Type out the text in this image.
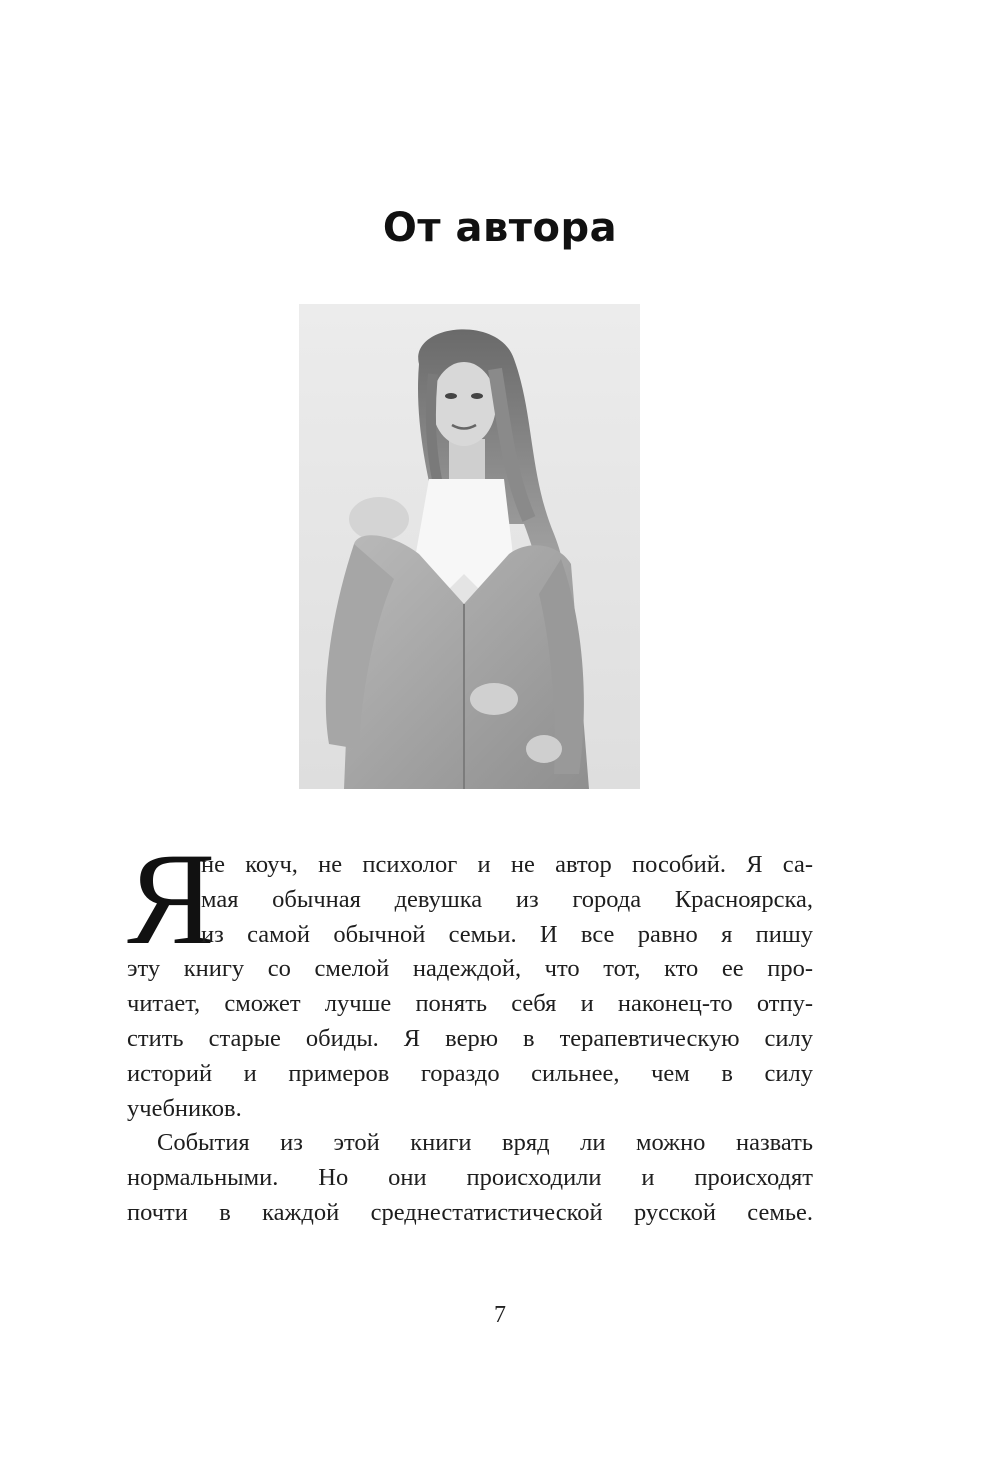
От автора
Я
не коуч, не психолог и не автор пособий. Я са-
мая обычная девушка из города Красноярска,
из самой обычной семьи. И все равно я пишу
эту книгу со смелой надеждой, что тот, кто ее про-
читает, сможет лучше понять себя и наконец-то отпу-
стить старые обиды. Я верю в терапевтическую силу
историй и примеров гораздо сильнее, чем в силу
учебников.
События из этой книги вряд ли можно назвать
нормальными. Но они происходили и происходят
почти в каждой среднестатистической русской семье.
7
